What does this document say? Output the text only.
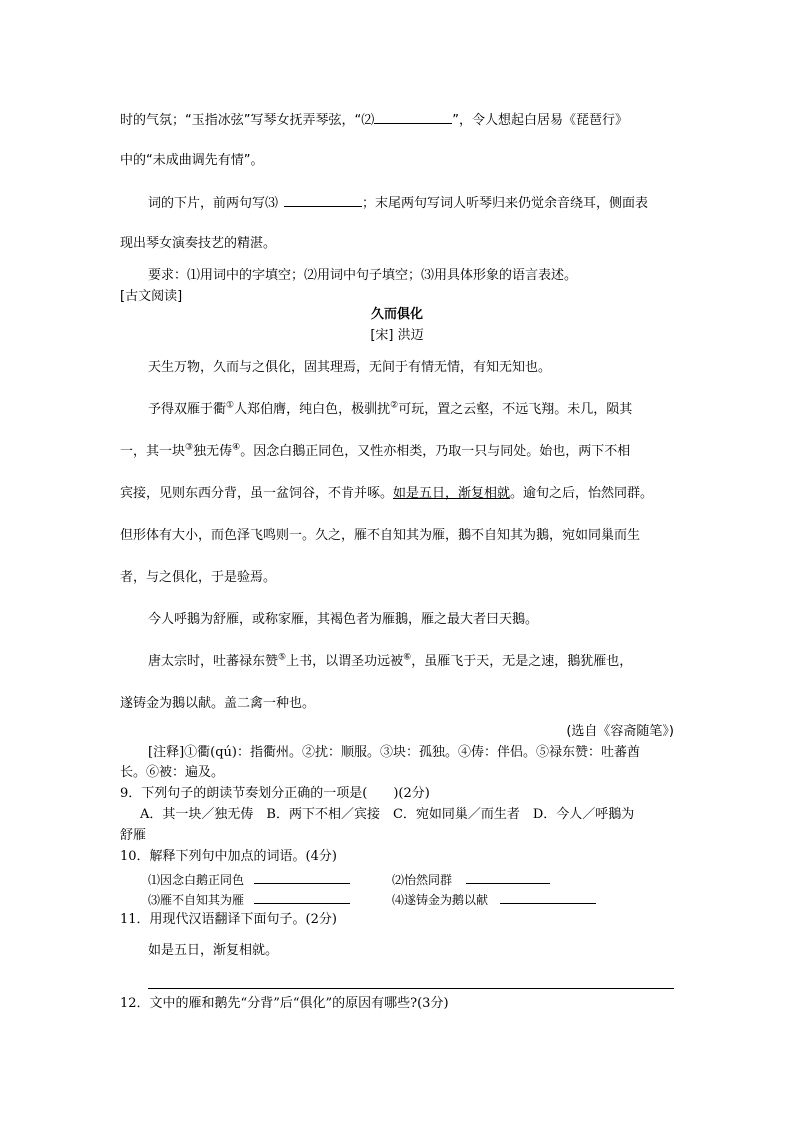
时的气氛；“玉指冰弦”写琴女抚弄琴弦，“⑵	”，令人想起白居易《琵琶行》
中的“未成曲调先有情”。
词的下片，前两句写⑶	；末尾两句写词人听琴归来仍觉余音绕耳，侧面表
现出琴女演奏技艺的精湛。
要求：⑴用词中的字填空；⑵用词中句子填空；⑶用具体形象的语言表述。
[古文阅读]
久而俱化
[宋] 洪迈
天生万物，久而与之俱化，固其理焉，无间于有情无情，有知无知也。
予得双雁于衢①人郑伯膺，纯白色，极驯扰②可玩，置之云壑，不远飞翔。未几，陨其
一，其一块③独无俦④。因念白鵝正同色，又性亦相类，乃取一只与同处。始也，两下不相
宾接，见则东西分背，虽一盆饲谷，不肯并啄。如是五日，渐复相就。逾旬之后，怡然同群。
但形体有大小，而色泽飞鸣则一。久之，雁不自知其为雁，鵝不自知其为鵝，宛如同巢而生
者，与之俱化，于是验焉。
今人呼鵝为舒雁，或称家雁，其褐色者为雁鵝，雁之最大者曰天鵝。
唐太宗时，吐蕃禄东赞⑤上书，以谓圣功远被⑥，虽雁飞于天，无是之速，鵝犹雁也，
遂铸金为鵝以献。盖二禽一种也。
(选自《容斋随笔》)
[注释]①衢(qú)：指衢州。②扰：顺服。③块：孤独。④俦：伴侣。⑤禄东赞：吐蕃酋
长。⑥被：遍及。
9．下列句子的朗读节奏划分正确的一项是(　　)(2分)
A．其一块／独无俦　B．两下不相／宾接　C．宛如同巢／而生者　D．今人／呼鵝为
舒雁
10．解释下列句中加点的词语。(4分)
⑴因念白鹅正同色	⑵怡然同群
⑶雁不自知其为雁	⑷遂铸金为鹅以献
11．用现代汉语翻译下面句子。(2分)
如是五日，渐复相就。
12．文中的雁和鹅先“分背”后“俱化”的原因有哪些?(3分)
